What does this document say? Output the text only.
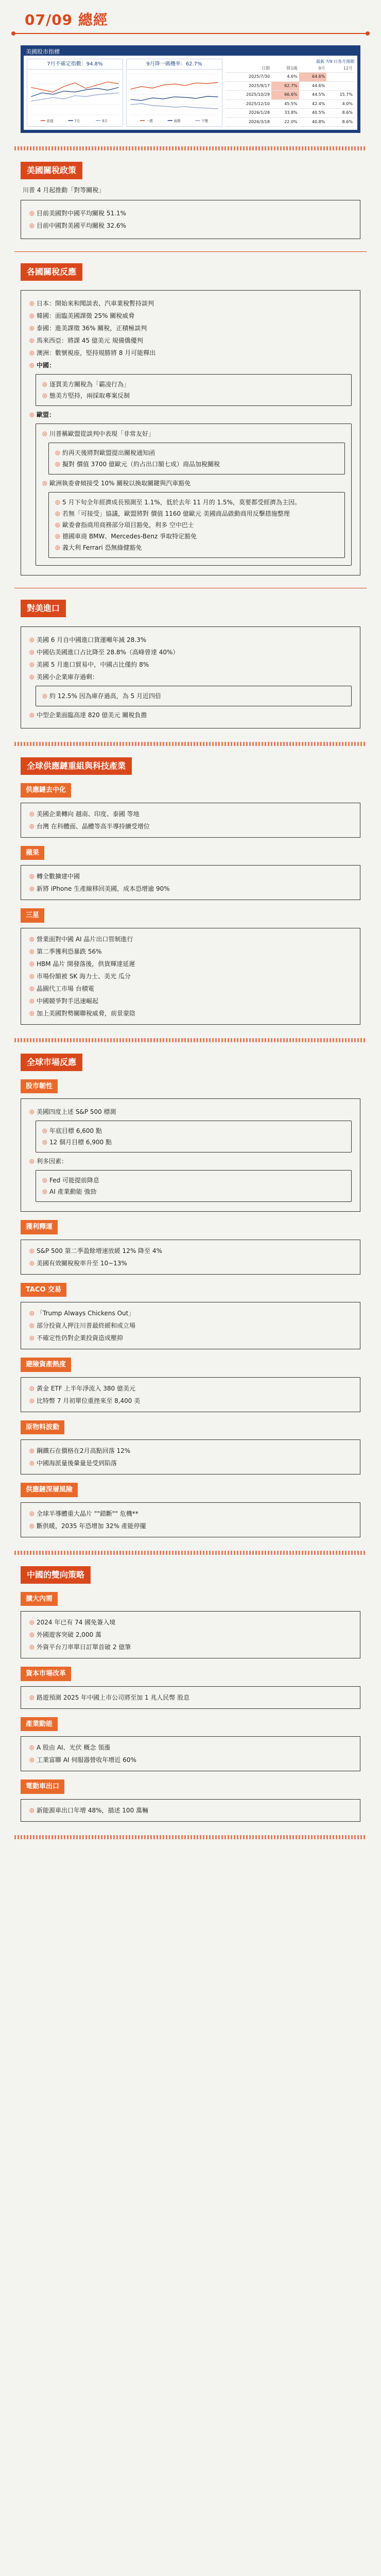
07/09 總經
美國股市指標
7月不確定指數：94.8%
前值	7月	8月
9月降一碼機率：62.7%
一碼	兩碼	不變
最新 7/9 日各月預期
日期	降1碼	9月	12月
2025/7/30	4.6%	64.6%	
2025/9/17	62.7%	44.6%	
2025/10/29	66.6%	44.5%	15.7%
2025/12/10	45.5%	42.4%	4.0%
2026/1/28	33.8%	40.5%	8.6%
2026/3/18	22.0%	40.8%	8.6%
美國關稅政策
川普 4 月起推動「對等關稅」
◎ 目前美國對中國平均關稅 51.1%
◎ 目前中國對美國平均關稅 32.6%
各國關稅反應
◎ 日本：開始來和聞談表、汽車業稅暫持談判
◎ 韓國：面臨美國課徵 25% 關稅威脅
◎ 泰國：進美課徵 36% 關稅，正積極談判
◎ 馬來西亞：將課 45 億美元 規備僑優判
◎ 澳洲：數號視座，堅持規勝將 8 月可能釋出
◎ 中國：
◎ 逐貫美方關稅為「霸凌行為」
◎ 態美方堅持，兩採取專案反制
◎ 歐盟：
◎ 川普稱歐盟從談判中表現「非常友好」
◎ 約再天後將對歐盟提出關稅通知函
◎ 擬對 價值 3700 億歐元（約占出口額七成）商品加稅關稅
◎ 歐洲執委會傾接受 10% 關稅以換取關鍵與汽車豁免
◎ 5 月下旬全年經濟成長預測至 1.1%，低於去年 11 月的 1.5%，莫要都受經濟為主因。
◎ 若無「可接受」協議，歐盟將對 價值 1160 億歐元 美國商品啟動商用反擊措施整理
◎ 歐委會指商用商務部分項目豁免，利多 空中巴士
◎ 德國車商 BMW、Mercedes-Benz 爭取特定豁免
◎ 義大利 Ferrari 恐無綠健豁免
對美進口
◎ 美國 6 月自中國進口貨運噸年減 28.3%
◎ 中國佔美國進口占比降至 28.8%（高峰曾達 40%）
◎ 美國 5 月進口貿易中，中國占比僅約 8%
◎ 美國小企業庫存過剩：
◎ 約 12.5% 因為庫存過高，為 5 月近四倍
◎ 中型企業面臨高達 820 億美元 關稅負擔
全球供應鏈重組與科技產業
供應鏈去中化
◎ 美國企業轉向 越南、印度、泰國 等地
◎ 台灣 在科體面、晶體等高半導持續受增位
蘋果
◎ 轉全數擴建中國
◎ 新將 iPhone 生產線移回美國，成本恐增逾 90%
三星
◎ 營業面對中國 AI 晶片出口管制進行
◎ 第二季獲利恐暴跌 56%
◎ HBM 晶片 開發落後，供貨輝達延遲
◎ 市場份額被 SK 海力士、美光 瓜分
◎ 晶圓代工市場 台積電
◎ 中國競爭對手迅速崛起
◎ 加上美國對勢關聯稅威脅，前景蒙陰
全球市場反應
股市韌性
◎ 美國四度上述 S&P 500 標測
◎ 年底目標 6,600 點
◎ 12 個月目標 6,900 點
◎ 利多因素：
◎ Fed 可能提前降息
◎ AI 產業動能 強勁
獲利釋運
◎ S&P 500 第二季盈餘增速放緩 12% 降至 4%
◎ 美國有效關稅稅率升至 10~13%
TACO 交易
◎ 「Trump Always Chickens Out」
◎ 部分投資人押注川普最終緩和或立場
◎ 不確定性仍對企業投資造成壓抑
避險資產熱度
◎ 黃金 ETF 上半年淨流入 380 億美元
◎ 比特幣 7 月初單位重挫來至 8,400 美
原物料波動
◎ 鋼鐵石在價格在2月高點回落 12%
◎ 中國海派量後暈量是受到陷落
供應鏈深層風險
◎ 全球半導體重大晶片 ""錯斷"" 危機**
◎ 斷供暖，2035 年恐增加 32% 產能停擺
中國的雙向策略
擴大內需
◎ 2024 年已有 74 國免簽入境
◎ 外國遊客突破 2,000 萬
◎ 外資平台刀率單日訂單首破 2 億筆
資本市場改革
◎ 路遊預測 2025 年中國上市公司將至加 1 兆人民幣 股息
產業動能
◎ A 股由 AI、光伏 概念 領漲
◎ 工業富聯 AI 伺服器營收年增近 60%
電動車出口
◎ 新能源車出口年增 48%，描述 100 萬輛
